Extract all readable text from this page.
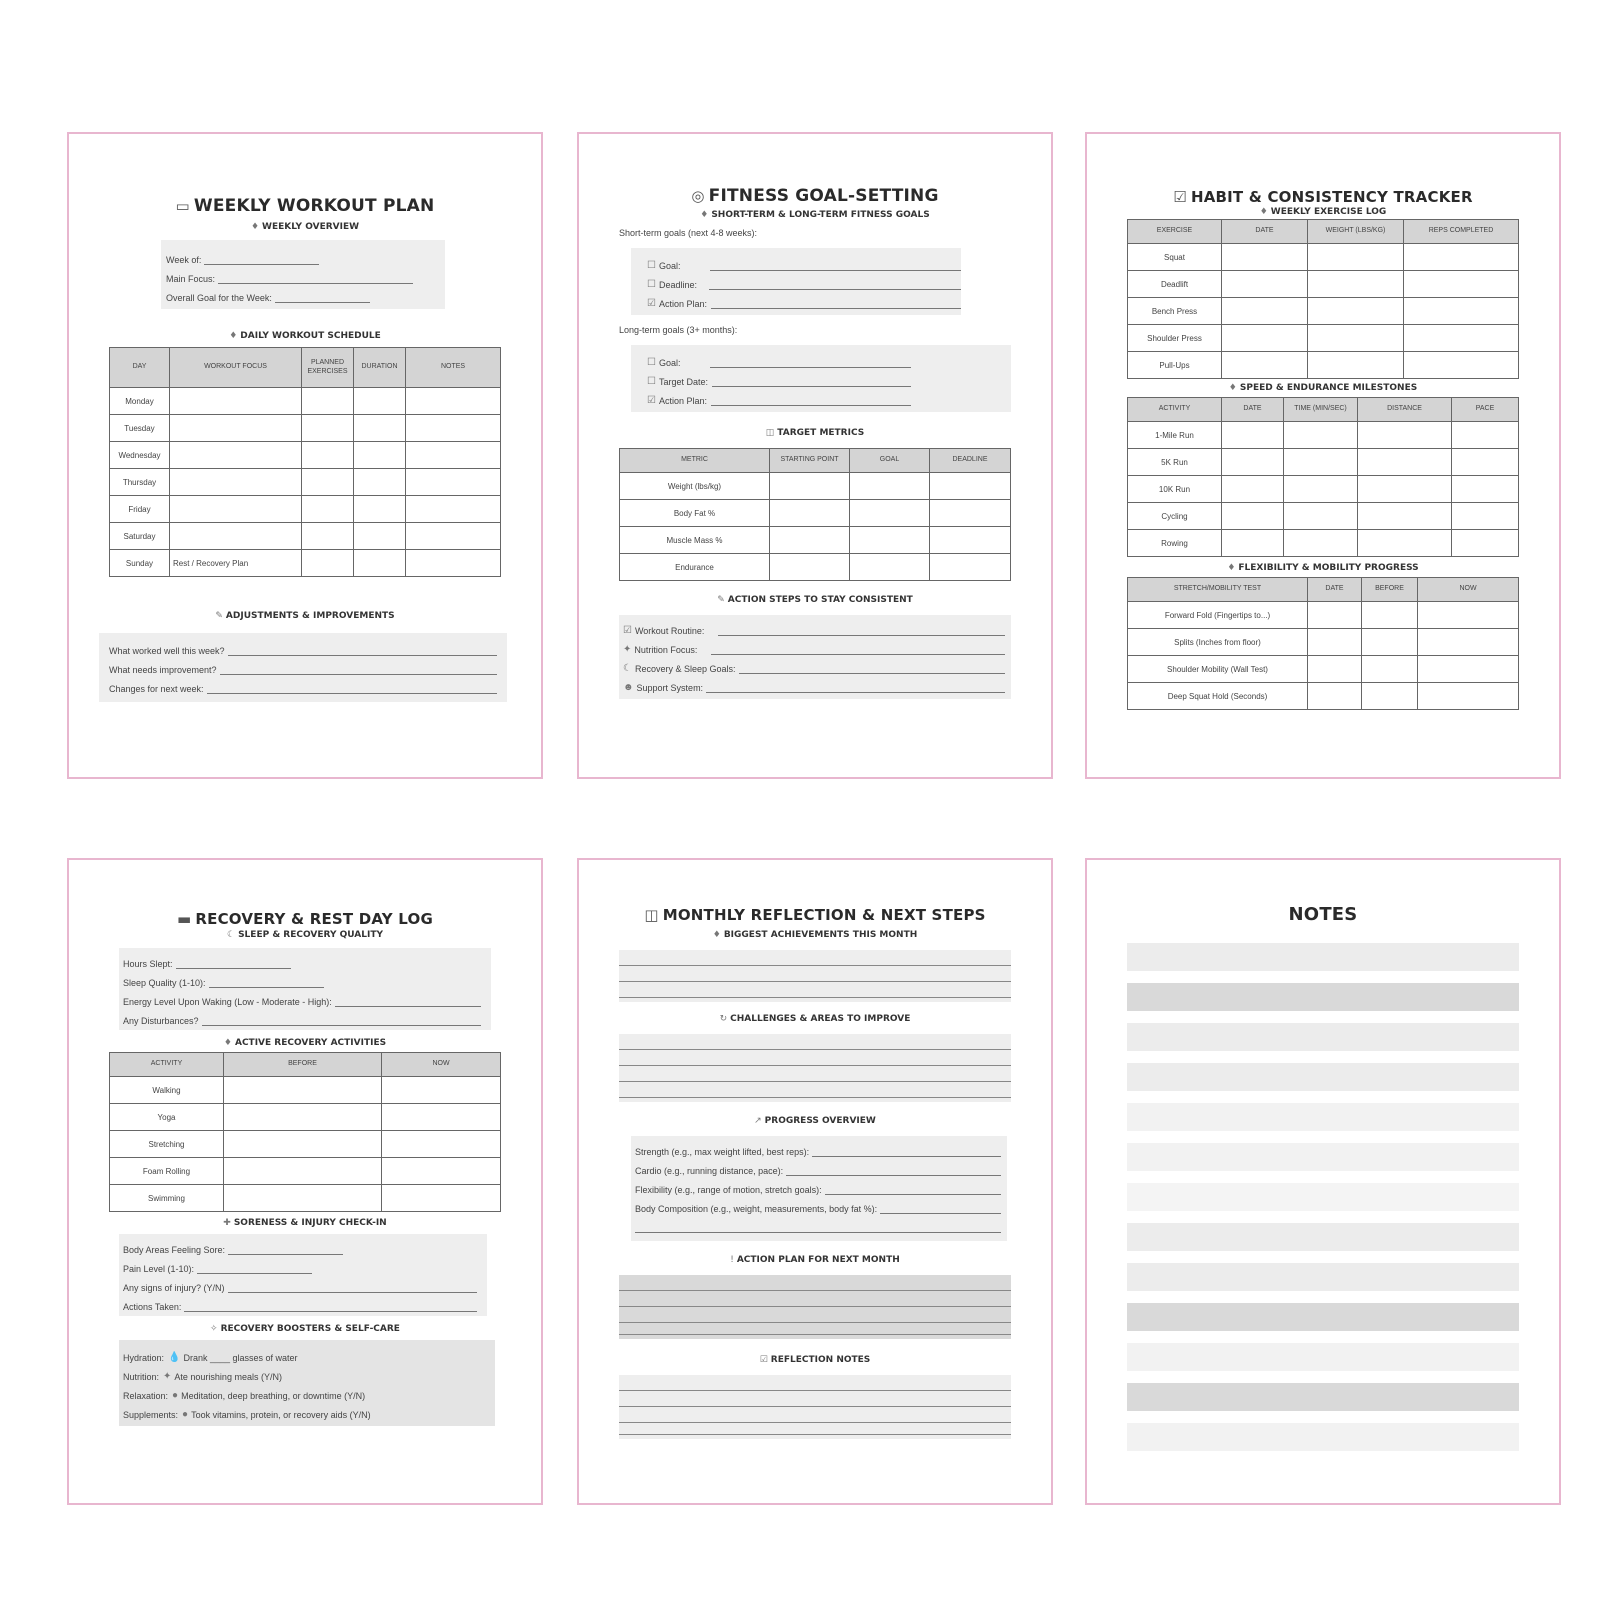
▭ WEEKLY WORKOUT PLAN
♦ WEEKLY OVERVIEW
Week of:
Main Focus:
Overall Goal for the Week:
♦ DAILY WORKOUT SCHEDULE
DAY	WORKOUT FOCUS	PLANNED EXERCISES	DURATION	NOTES
Monday				
Tuesday				
Wednesday				
Thursday				
Friday				
Saturday				
Sunday	Rest / Recovery Plan			
✎ ADJUSTMENTS & IMPROVEMENTS
What worked well this week?
What needs improvement?
Changes for next week:
◎ FITNESS GOAL-SETTING
♦ SHORT-TERM & LONG-TERM FITNESS GOALS
Short-term goals (next 4-8 weeks):
☐ Goal:
☐ Deadline:
☑ Action Plan:
Long-term goals (3+ months):
☐ Goal:
☐ Target Date:
☑ Action Plan:
◫ TARGET METRICS
METRIC	STARTING POINT	GOAL	DEADLINE
Weight (lbs/kg)			
Body Fat %			
Muscle Mass %			
Endurance			
✎ ACTION STEPS TO STAY CONSISTENT
☑ Workout Routine:
✦ Nutrition Focus:
☾ Recovery & Sleep Goals:
☻ Support System:
☑ HABIT & CONSISTENCY TRACKER
♦ WEEKLY EXERCISE LOG
EXERCISE	DATE	WEIGHT (LBS/KG)	REPS COMPLETED
Squat			
Deadlift			
Bench Press			
Shoulder Press			
Pull-Ups			
♦ SPEED & ENDURANCE MILESTONES
ACTIVITY	DATE	TIME (MIN/SEC)	DISTANCE	PACE
1-Mile Run				
5K Run				
10K Run				
Cycling				
Rowing				
♦ FLEXIBILITY & MOBILITY PROGRESS
STRETCH/MOBILITY TEST	DATE	BEFORE	NOW
Forward Fold (Fingertips to...)			
Splits (Inches from floor)			
Shoulder Mobility (Wall Test)			
Deep Squat Hold (Seconds)			
▬ RECOVERY & REST DAY LOG
☾ SLEEP & RECOVERY QUALITY
Hours Slept:
Sleep Quality (1-10):
Energy Level Upon Waking (Low - Moderate - High):
Any Disturbances?
♦ ACTIVE RECOVERY ACTIVITIES
ACTIVITY	BEFORE	NOW
Walking		
Yoga		
Stretching		
Foam Rolling		
Swimming		
✚ SORENESS & INJURY CHECK-IN
Body Areas Feeling Sore:
Pain Level (1-10):
Any signs of injury? (Y/N)
Actions Taken:
✧ RECOVERY BOOSTERS & SELF-CARE
Hydration: 💧 Drank ____ glasses of water
Nutrition: ✦ Ate nourishing meals (Y/N)
Relaxation: ● Meditation, deep breathing, or downtime (Y/N)
Supplements: ● Took vitamins, protein, or recovery aids (Y/N)
◫ MONTHLY REFLECTION & NEXT STEPS
♦ BIGGEST ACHIEVEMENTS THIS MONTH
↻ CHALLENGES & AREAS TO IMPROVE
↗ PROGRESS OVERVIEW
Strength (e.g., max weight lifted, best reps):
Cardio (e.g., running distance, pace):
Flexibility (e.g., range of motion, stretch goals):
Body Composition (e.g., weight, measurements, body fat %):
! ACTION PLAN FOR NEXT MONTH
☑ REFLECTION NOTES
NOTES
